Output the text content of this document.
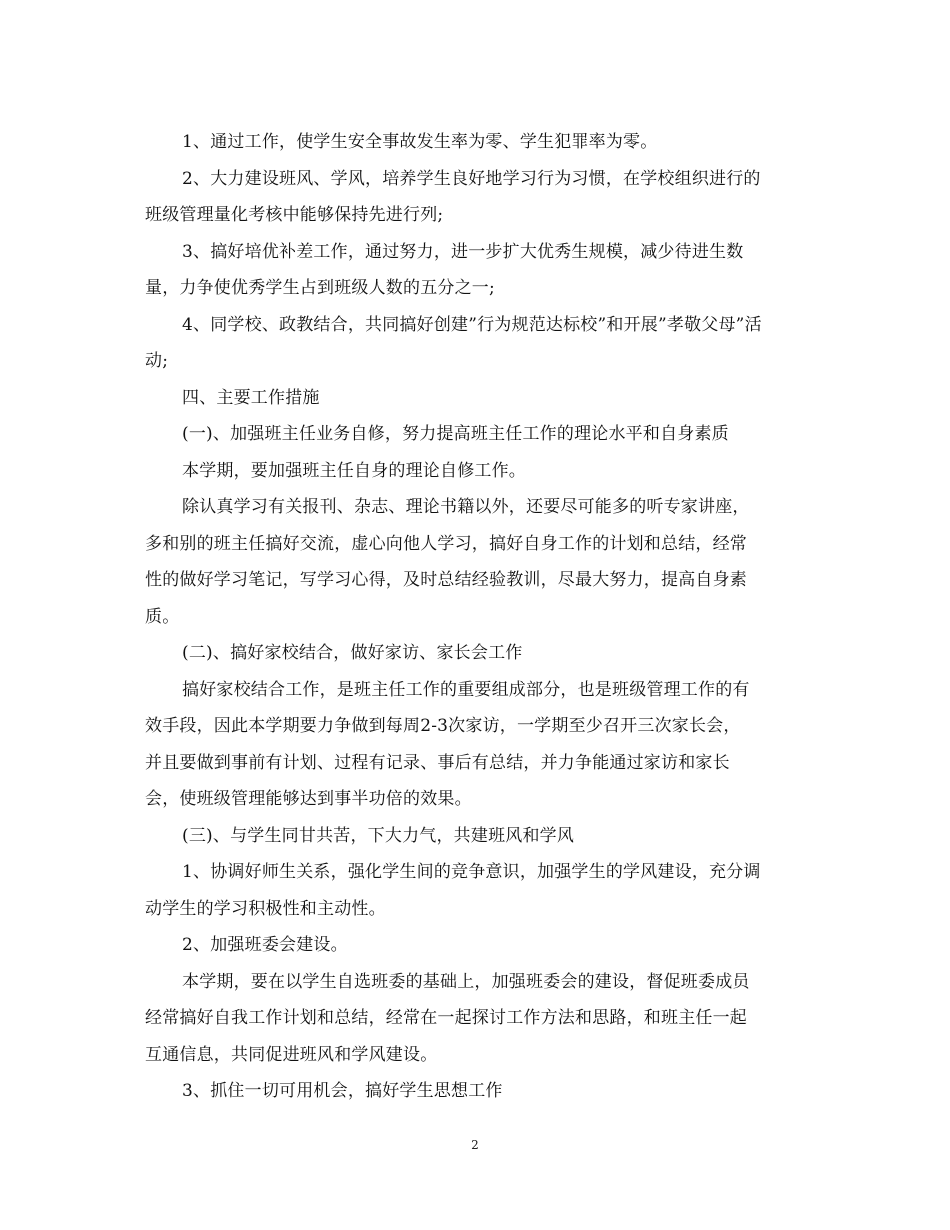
1、通过工作，使学生安全事故发生率为零、学生犯罪率为零。

2、大力建设班风、学风，培养学生良好地学习行为习惯，在学校组织进行的
班级管理量化考核中能够保持先进行列;

3、搞好培优补差工作，通过努力，进一步扩大优秀生规模，减少待进生数
量，力争使优秀学生占到班级人数的五分之一;

4、同学校、政教结合，共同搞好创建”行为规范达标校”和开展”孝敬父母”活
动;

四、主要工作措施

(一)、加强班主任业务自修，努力提高班主任工作的理论水平和自身素质

本学期，要加强班主任自身的理论自修工作。

除认真学习有关报刊、杂志、理论书籍以外，还要尽可能多的听专家讲座，
多和别的班主任搞好交流，虚心向他人学习，搞好自身工作的计划和总结，经常
性的做好学习笔记，写学习心得，及时总结经验教训，尽最大努力，提高自身素
质。

(二)、搞好家校结合，做好家访、家长会工作

搞好家校结合工作，是班主任工作的重要组成部分，也是班级管理工作的有
效手段，因此本学期要力争做到每周2-3次家访，一学期至少召开三次家长会，
并且要做到事前有计划、过程有记录、事后有总结，并力争能通过家访和家长
会，使班级管理能够达到事半功倍的效果。

(三)、与学生同甘共苦，下大力气，共建班风和学风

1、协调好师生关系，强化学生间的竞争意识，加强学生的学风建设，充分调
动学生的学习积极性和主动性。

2、加强班委会建设。

本学期，要在以学生自选班委的基础上，加强班委会的建设，督促班委成员
经常搞好自我工作计划和总结，经常在一起探讨工作方法和思路，和班主任一起
互通信息，共同促进班风和学风建设。

3、抓住一切可用机会，搞好学生思想工作

2
